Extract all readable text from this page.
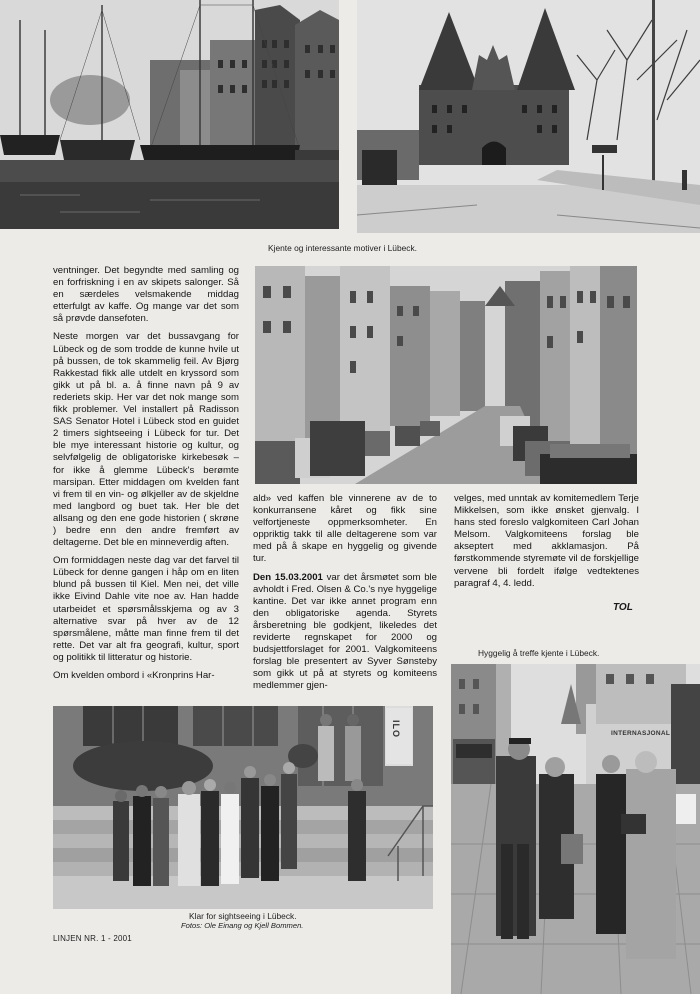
Kjente og interessante motiver i Lübeck.

ventninger. Det begyndte med samling og en forfriskning i en av skipets salonger. Så en særdeles velsmakende middag etterfulgt av kaffe. Og mange var det som så prøvde dansefoten.

Neste morgen var det bussavgang for Lübeck og de som trodde de kunne hvile ut på bussen, de tok skammelig feil. Av Bjørg Rakkestad fikk alle utdelt en kryssord som gikk ut på bl. a. å finne navn på 9 av rederiets skip. Her var det nok mange som fikk problemer. Vel installert på Radisson SAS Senator Hotel i Lübeck stod en guidet 2 timers sightseeing i Lübeck for tur. Det ble mye interessant historie og kultur, og selvfølgelig de obligatoriske kirkebesøk – for ikke å glemme Lübeck's berømte marsipan. Etter middagen om kvelden fant vi frem til en vin- og ølkjeller av de skjeldne med langbord og buet tak. Her ble det allsang og den ene gode historien ( skrøne ) bedre enn den andre fremført av deltagerne. Det ble en minneverdig aften.

Om formiddagen neste dag var det farvel til Lübeck for denne gangen i håp om en liten blund på bussen til Kiel. Men nei, det ville ikke Eivind Dahle vite noe av. Han hadde utarbeidet et spørsmålsskjema og av 3 alternative svar på hver av de 12 spørsmålene, måtte man finne frem til det rette. Det var alt fra geografi, kultur, sport og politikk til litteratur og historie.

Om kvelden ombord i «Kronprins Har-

ald» ved kaffen ble vinnerene av de to konkurransene kåret og fikk sine velfortjeneste oppmerksomheter. En oppriktig takk til alle deltagerene som var med på å skape en hyggelig og givende tur.

Den 15.03.2001 var det årsmøtet som ble avholdt i Fred. Olsen & Co.'s nye hyggelige kantine. Det var ikke annet program enn den obligatoriske agenda. Styrets årsberetning ble godkjent, likeledes det reviderte regnskapet for 2000 og budsjettforslaget for 2001. Valgkomiteens forslag ble presentert av Syver Sønsteby som gikk ut på at styrets og komiteens medlemmer gjen-

velges, med unntak av komitemedlem Terje Mikkelsen, som ikke ønsket gjenvalg. I hans sted foreslo valgkomiteen Carl Johan Melsom. Valgkomiteens forslag ble akseptert med akklamasjon. På førstkommende styremøte vil de forskjellige vervene bli fordelt ifølge vedtektenes paragraf 4, 4. ledd.

TOL
Hyggelig å treffe kjente i Lübeck.
ILO
Klar for sightseeing i Lübeck.
Fotos: Ole Einang og Kjell Bommen.
INTERNASJONAL
LINJEN NR. 1 - 2001
